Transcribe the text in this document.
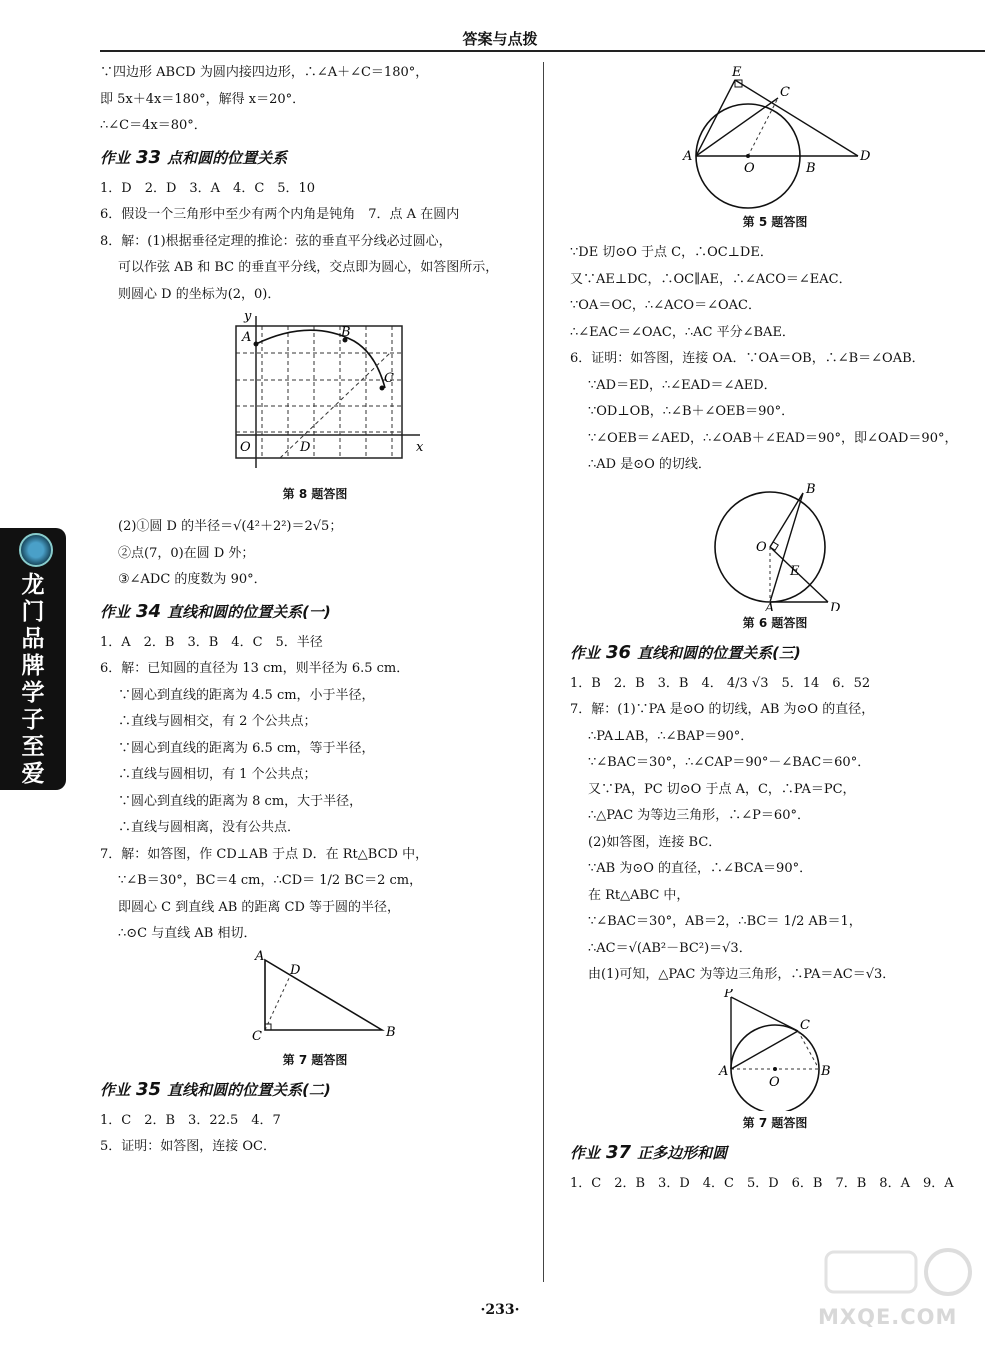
答案与点拨
龙门品牌学子至爱
∵四边形 ABCD 为圆内接四边形，∴∠A＋∠C＝180°，
即 5x＋4x＝180°，解得 x＝20°．
∴∠C＝4x＝80°．
作业 33 点和圆的位置关系
1．D　2．D　3．A　4．C　5．10
6．假设一个三角形中至少有两个内角是钝角　7．点 A 在圆内
8．解：(1)根据垂径定理的推论：弦的垂直平分线必过圆心，
可以作弦 AB 和 BC 的垂直平分线，交点即为圆心，如答图所示，
则圆心 D 的坐标为(2，0)．
y
A	B
C
O	D	x
第 8 题答图
(2)①圆 D 的半径＝√(4²＋2²)＝2√5；
②点(7，0)在圆 D 外；
③∠ADC 的度数为 90°．
作业 34 直线和圆的位置关系(一)
1．A　2．B　3．B　4．C　5．半径
6．解：已知圆的直径为 13 cm，则半径为 6.5 cm．
∵圆心到直线的距离为 4.5 cm，小于半径，
∴直线与圆相交，有 2 个公共点；
∵圆心到直线的距离为 6.5 cm，等于半径，
∴直线与圆相切，有 1 个公共点；
∵圆心到直线的距离为 8 cm，大于半径，
∴直线与圆相离，没有公共点．
7．解：如答图，作 CD⊥AB 于点 D．在 Rt△BCD 中，
∵∠B＝30°，BC＝4 cm，∴CD＝ 1/2 BC＝2 cm，
即圆心 C 到直线 AB 的距离 CD 等于圆的半径，
∴⊙C 与直线 AB 相切．
A
D
C	B
第 7 题答图
作业 35 直线和圆的位置关系(二)
1．C　2．B　3．22.5　4．7
5．证明：如答图，连接 OC．
E
C
A
O	B
D
第 5 题答图
∵DE 切⊙O 于点 C，∴OC⊥DE．
又∵AE⊥DC，∴OC∥AE，∴∠ACO＝∠EAC．
∵OA＝OC，∴∠ACO＝∠OAC．
∴∠EAC＝∠OAC，∴AC 平分∠BAE．
6．证明：如答图，连接 OA．∵OA＝OB，∴∠B＝∠OAB．
∵AD＝ED，∴∠EAD＝∠AED．
∵OD⊥OB，∴∠B＋∠OEB＝90°．
∵∠OEB＝∠AED，∴∠OAB＋∠EAD＝90°，即∠OAD＝90°，
∴AD 是⊙O 的切线．
B
O
E
A	D
第 6 题答图
作业 36 直线和圆的位置关系(三)
1．B　2．B　3．B　4． 4/3 √3　5．14　6．52
7．解：(1)∵PA 是⊙O 的切线，AB 为⊙O 的直径，
∴PA⊥AB，∴∠BAP＝90°．
∵∠BAC＝30°，∴∠CAP＝90°－∠BAC＝60°．
又∵PA，PC 切⊙O 于点 A，C，∴PA＝PC，
∴△PAC 为等边三角形，∴∠P＝60°．
(2)如答图，连接 BC．
∵AB 为⊙O 的直径，∴∠BCA＝90°．
在 Rt△ABC 中，
∵∠BAC＝30°，AB＝2，∴BC＝ 1/2 AB＝1，
∴AC＝√(AB²－BC²)＝√3．
由(1)可知，△PAC 为等边三角形，∴PA＝AC＝√3．
P
C
A
O
B
第 7 题答图
作业 37 正多边形和圆
1．C　2．B　3．D　4．C　5．D　6．B　7．B　8．A　9．A
·233·	MXQE.COM
